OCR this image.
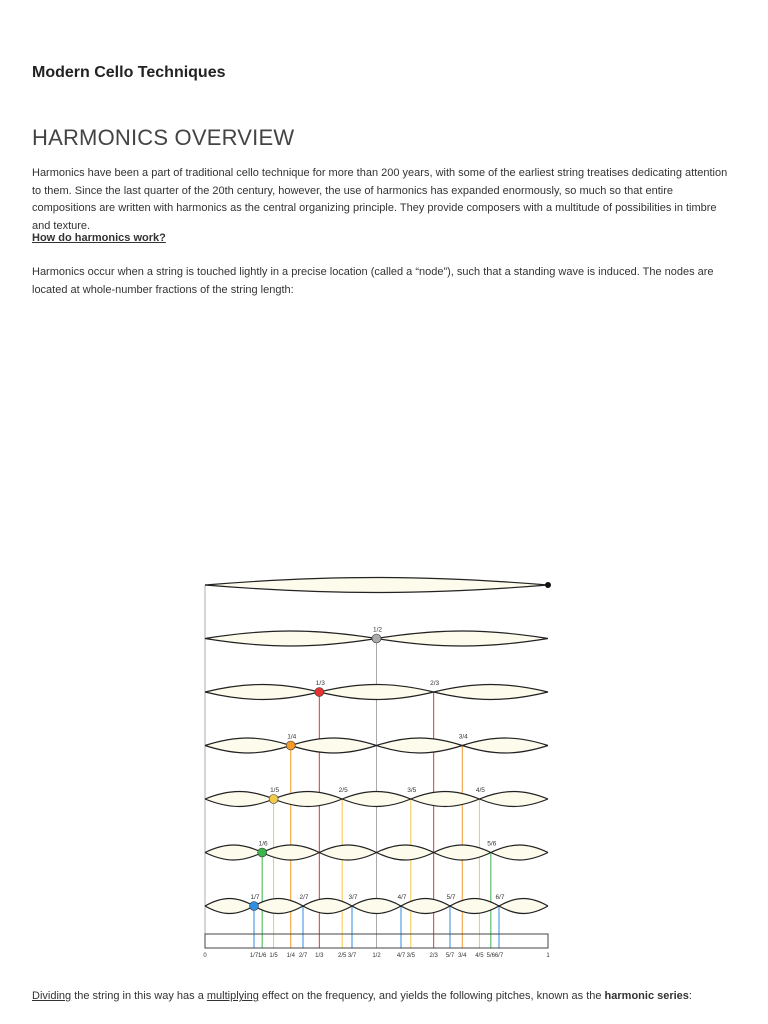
Modern Cello Techniques
HARMONICS OVERVIEW

Harmonics have been a part of traditional cello technique for more than 200 years, with some of the earliest string treatises dedicating attention to them. Since the last quarter of the 20th century, however, the use of harmonics has expanded enormously, so much so that entire compositions are written with harmonics as the central organizing principle. They provide composers with a multitude of possibilities in timbre and texture.

How do harmonics work?

Harmonics occur when a string is touched lightly in a precise location (called a “node”), such that a standing wave is induced. The nodes are located at whole-number fractions of the string length:

1/2
1/3	2/3
1/4	3/4
1/5	2/5	3/5	4/5
1/6	5/6
1/7	2/7	3/7	4/7	5/7	6/7
0	1/7 1/6 1/5 1/4 2/7 1/3 2/5 3/7	1/2	4/7 3/5 2/3 5/7 3/4 4/5 5/6 6/7	1

Dividing the string in this way has a multiplying effect on the frequency, and yields the following pitches, known as the harmonic series:
